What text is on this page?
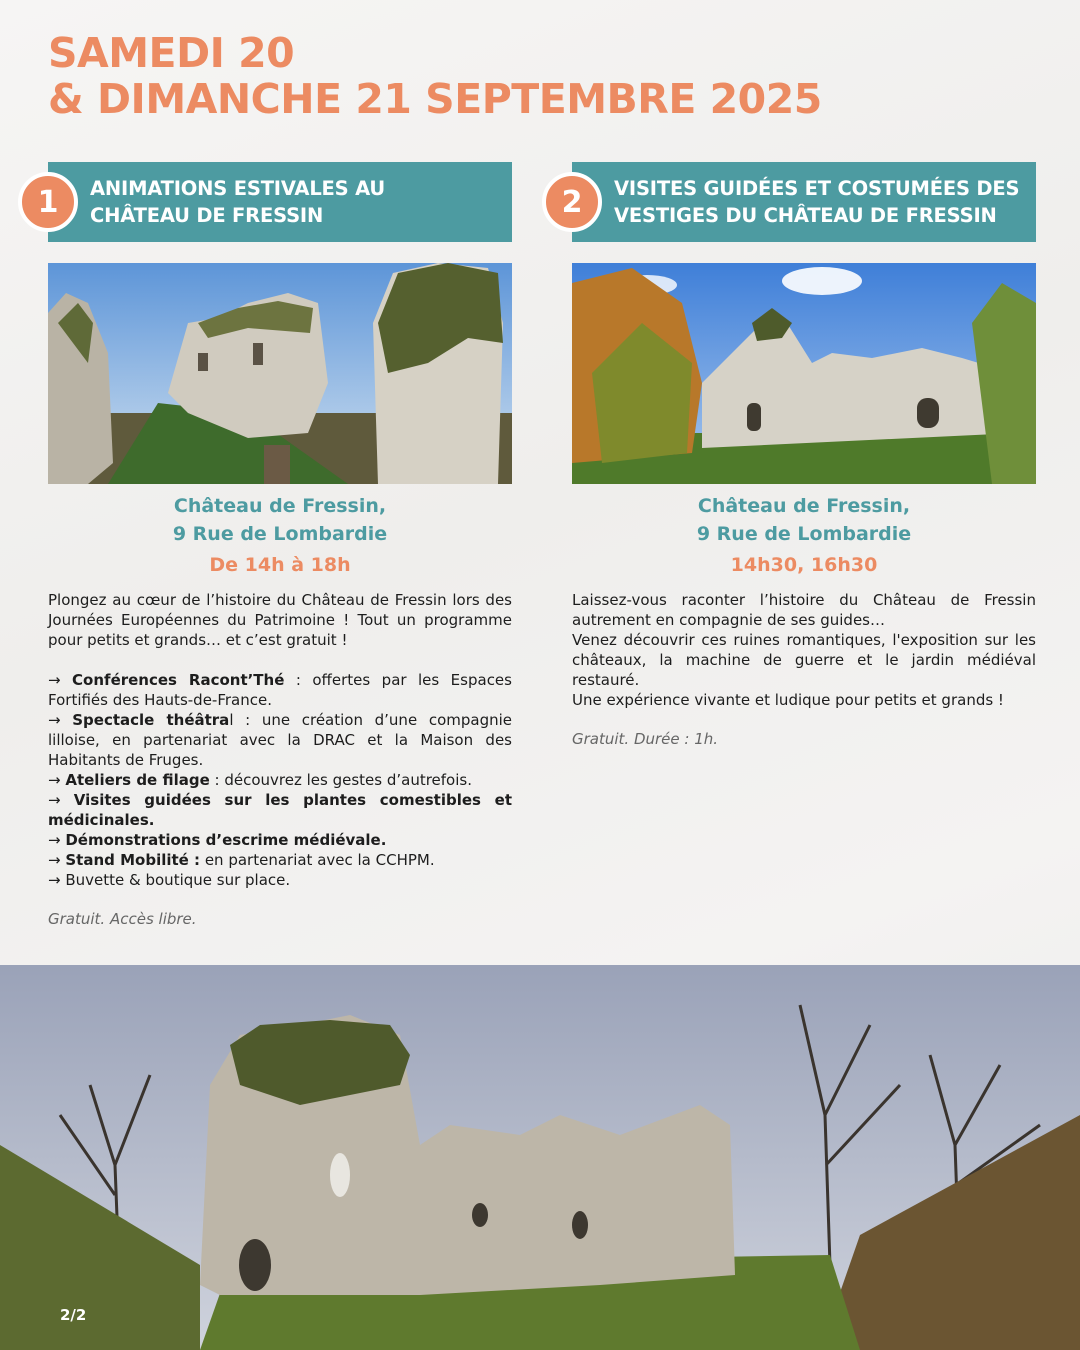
SAMEDI 20
& DIMANCHE 21 SEPTEMBRE 2025
1	ANIMATIONS ESTIVALES AU
CHÂTEAU DE FRESSIN	2	VISITES GUIDÉES ET COSTUMÉES DES
VESTIGES DU CHÂTEAU DE FRESSIN
Château de Fressin,
9 Rue de Lombardie
De 14h à 18h
Château de Fressin,
9 Rue de Lombardie
14h30, 16h30

Plongez au cœur de l’histoire du Château de Fressin lors des Journées Européennes du Patrimoine ! Tout un programme pour petits et grands… et c’est gratuit !

→ Conférences Racont’Thé : offertes par les Espaces Fortifiés des Hauts-de-France.

→ Spectacle théâtral : une création d’une compagnie lilloise, en partenariat avec la DRAC et la Maison des Habitants de Fruges.

→ Ateliers de filage : découvrez les gestes d’autrefois.

→ Visites guidées sur les plantes comestibles et médicinales.

→ Démonstrations d’escrime médiévale.

→ Stand Mobilité : en partenariat avec la CCHPM.

→ Buvette & boutique sur place.

Gratuit. Accès libre.

Laissez-vous raconter l’histoire du Château de Fressin autrement en compagnie de ses guides…

Venez découvrir ces ruines romantiques, l'exposition sur les châteaux, la machine de guerre et le jardin médiéval restauré.

Une expérience vivante et ludique pour petits et grands !

Gratuit. Durée : 1h.
2/2
